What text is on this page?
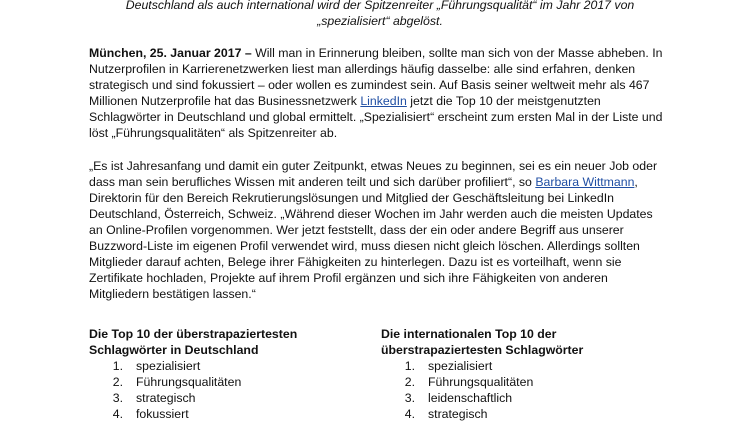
Deutschland als auch international wird der Spitzenreiter „Führungsqualität“ im Jahr 2017 von
„spezialisiert“ abgelöst.

München, 25. Januar 2017 – Will man in Erinnerung bleiben, sollte man sich von der Masse abheben. In Nutzerprofilen in Karrierenetzwerken liest man allerdings häufig dasselbe: alle sind erfahren, denken strategisch und sind fokussiert – oder wollen es zumindest sein. Auf Basis seiner weltweit mehr als 467 Millionen Nutzerprofile hat das Businessnetzwerk LinkedIn jetzt die Top 10 der meistgenutzten Schlagwörter in Deutschland und global ermittelt. „Spezialisiert“ erscheint zum ersten Mal in der Liste und löst „Führungsqualitäten“ als Spitzenreiter ab.

„Es ist Jahresanfang und damit ein guter Zeitpunkt, etwas Neues zu beginnen, sei es ein neuer Job oder dass man sein berufliches Wissen mit anderen teilt und sich darüber profiliert“, so Barbara Wittmann, Direktorin für den Bereich Rekrutierungslösungen und Mitglied der Geschäftsleitung bei LinkedIn Deutschland, Österreich, Schweiz. „Während dieser Wochen im Jahr werden auch die meisten Updates an Online-Profilen vorgenommen. Wer jetzt feststellt, dass der ein oder andere Begriff aus unserer Buzzword-Liste im eigenen Profil verwendet wird, muss diesen nicht gleich löschen. Allerdings sollten Mitglieder darauf achten, Belege ihrer Fähigkeiten zu hinterlegen. Dazu ist es vorteilhaft, wenn sie Zertifikate hochladen, Projekte auf ihrem Profil ergänzen und sich ihre Fähigkeiten von anderen Mitgliedern bestätigen lassen.“

Die Top 10 der überstrapaziertesten
Schlagwörter in Deutschland
1.	spezialisiert
2.	Führungsqualitäten
3.	strategisch
4.	fokussiert
Die internationalen Top 10 der
überstrapaziertesten Schlagwörter
1.	spezialisiert
2.	Führungsqualitäten
3.	leidenschaftlich
4.	strategisch
